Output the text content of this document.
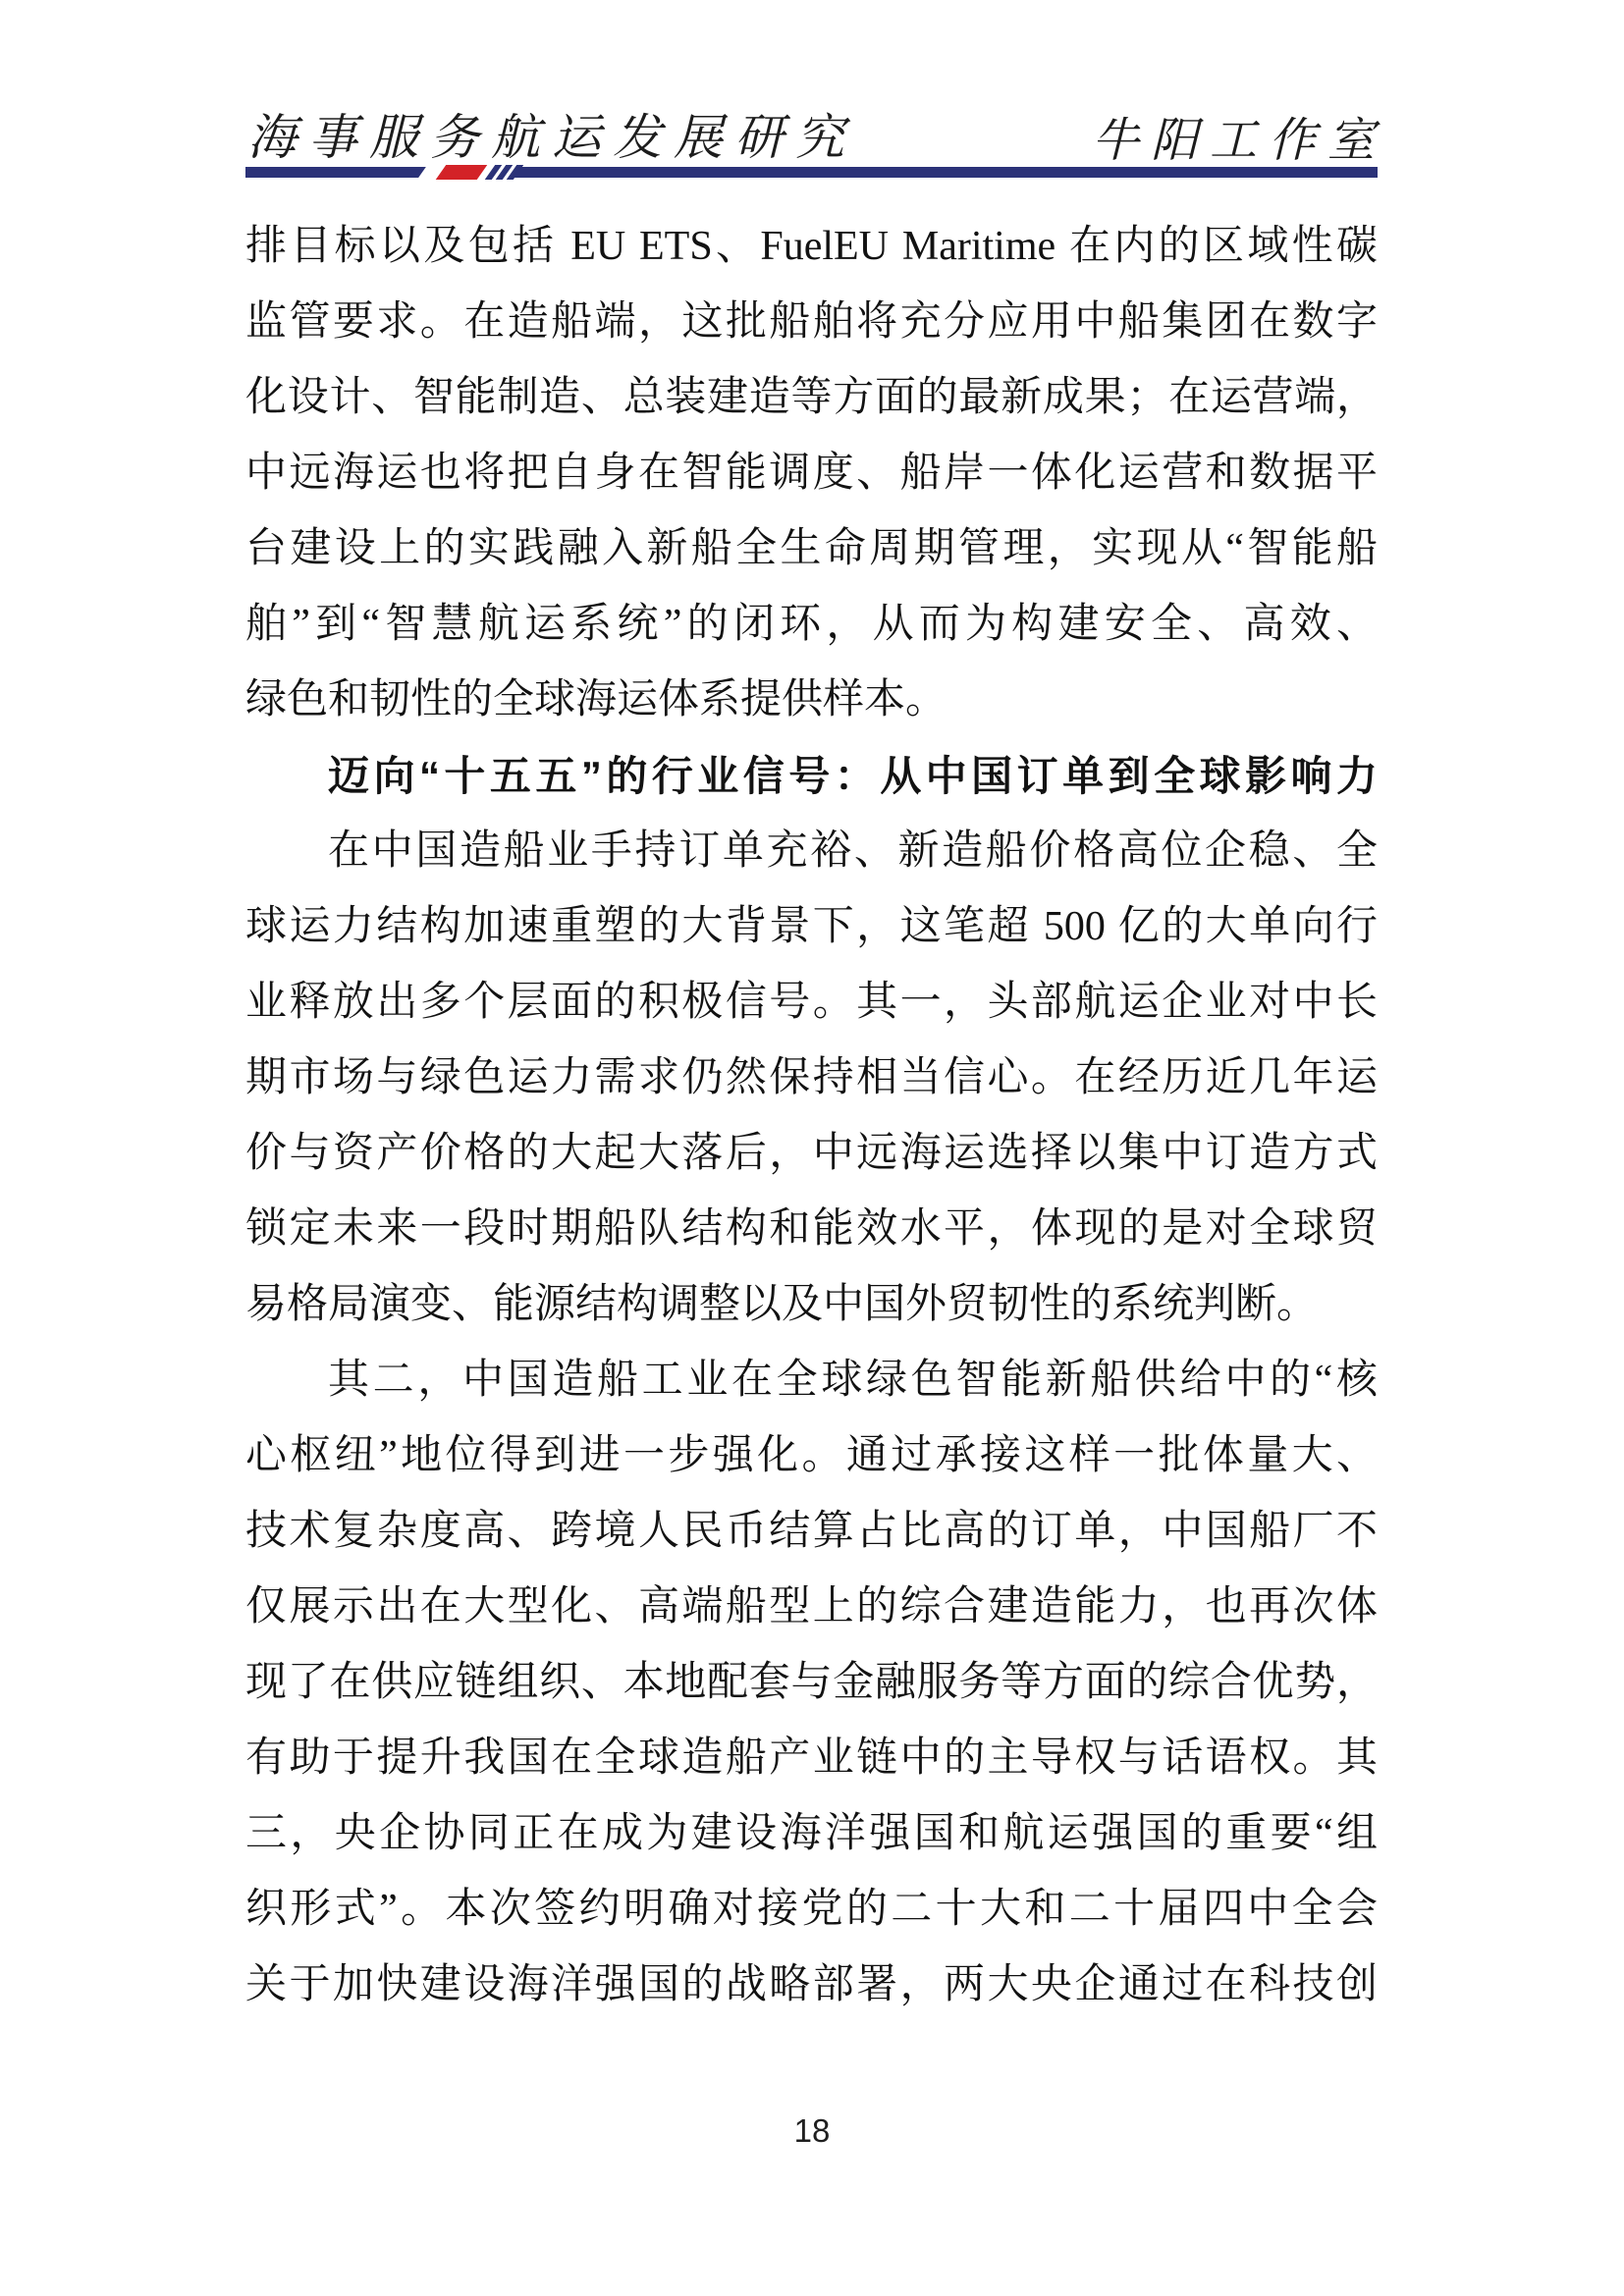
海事服务航运发展研究	牛阳工作室
排目标以及包括 EU ETS、FuelEU Maritime 在内的区域性碳
监管要求。在造船端，这批船舶将充分应用中船集团在数字
化设计、智能制造、总装建造等方面的最新成果；在运营端，
中远海运也将把自身在智能调度、船岸一体化运营和数据平
台建设上的实践融入新船全生命周期管理，实现从“智能船
舶”到“智慧航运系统”的闭环，从而为构建安全、高效、
绿色和韧性的全球海运体系提供样本。
迈向“十五五”的行业信号：从中国订单到全球影响力
在中国造船业手持订单充裕、新造船价格高位企稳、全
球运力结构加速重塑的大背景下，这笔超 500 亿的大单向行
业释放出多个层面的积极信号。其一，头部航运企业对中长
期市场与绿色运力需求仍然保持相当信心。在经历近几年运
价与资产价格的大起大落后，中远海运选择以集中订造方式
锁定未来一段时期船队结构和能效水平，体现的是对全球贸
易格局演变、能源结构调整以及中国外贸韧性的系统判断。
其二，中国造船工业在全球绿色智能新船供给中的“核
心枢纽”地位得到进一步强化。通过承接这样一批体量大、
技术复杂度高、跨境人民币结算占比高的订单，中国船厂不
仅展示出在大型化、高端船型上的综合建造能力，也再次体
现了在供应链组织、本地配套与金融服务等方面的综合优势，
有助于提升我国在全球造船产业链中的主导权与话语权。其
三，央企协同正在成为建设海洋强国和航运强国的重要“组
织形式”。本次签约明确对接党的二十大和二十届四中全会
关于加快建设海洋强国的战略部署，两大央企通过在科技创
18
